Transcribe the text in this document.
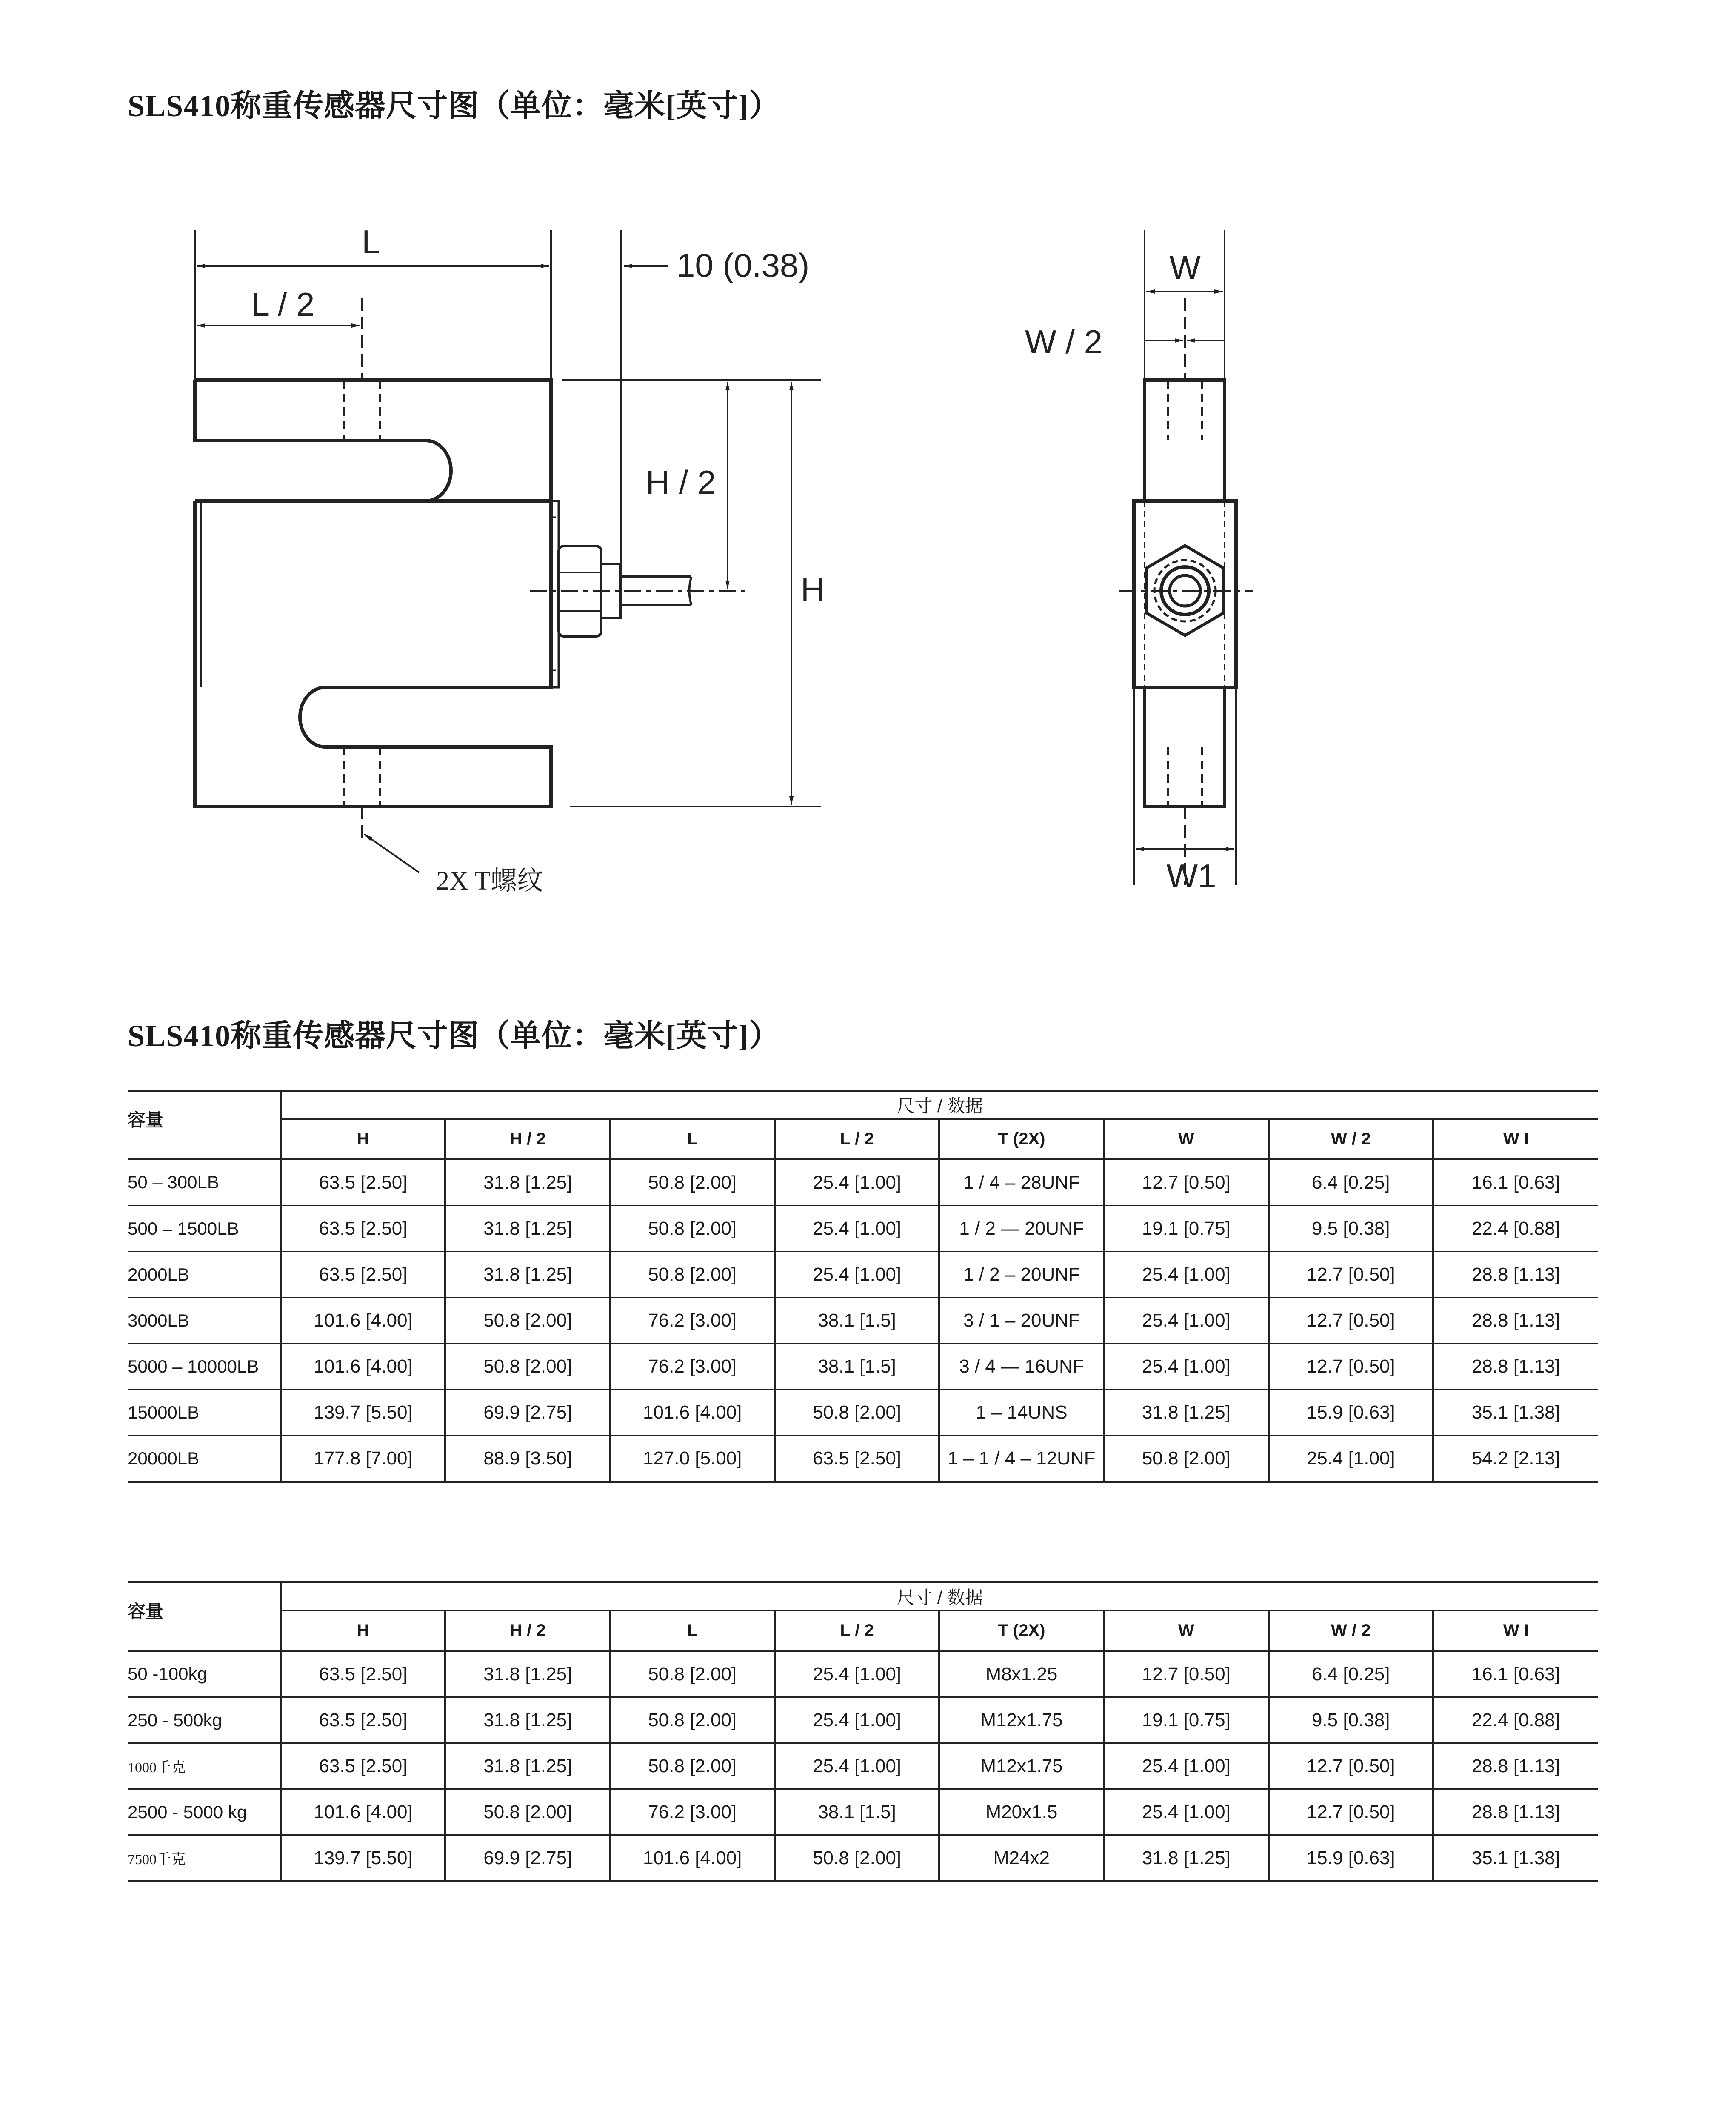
SLS410称重传感器尺寸图（单位：毫米[英寸]）
L
L / 2
10 (0.38)
H / 2
H
2X T螺纹
W
W / 2
W1
SLS410称重传感器尺寸图（单位：毫米[英寸]）
容量	尺寸 / 数据							
	H	H / 2	L	L / 2	T (2X)	W	W / 2	W I
50 – 300LB	63.5 [2.50]	31.8 [1.25]	50.8 [2.00]	25.4 [1.00]	1 / 4 – 28UNF	12.7 [0.50]	6.4 [0.25]	16.1 [0.63]
500 – 1500LB	63.5 [2.50]	31.8 [1.25]	50.8 [2.00]	25.4 [1.00]	1 / 2 — 20UNF	19.1 [0.75]	9.5 [0.38]	22.4 [0.88]
2000LB	63.5 [2.50]	31.8 [1.25]	50.8 [2.00]	25.4 [1.00]	1 / 2 – 20UNF	25.4 [1.00]	12.7 [0.50]	28.8 [1.13]
3000LB	101.6 [4.00]	50.8 [2.00]	76.2 [3.00]	38.1 [1.5]	3 / 1 – 20UNF	25.4 [1.00]	12.7 [0.50]	28.8 [1.13]
5000 – 10000LB	101.6 [4.00]	50.8 [2.00]	76.2 [3.00]	38.1 [1.5]	3 / 4 — 16UNF	25.4 [1.00]	12.7 [0.50]	28.8 [1.13]
15000LB	139.7 [5.50]	69.9 [2.75]	101.6 [4.00]	50.8 [2.00]	1 – 14UNS	31.8 [1.25]	15.9 [0.63]	35.1 [1.38]
20000LB	177.8 [7.00]	88.9 [3.50]	127.0 [5.00]	63.5 [2.50]	1 – 1 / 4 – 12UNF	50.8 [2.00]	25.4 [1.00]	54.2 [2.13]
容量	尺寸 / 数据							
	H	H / 2	L	L / 2	T (2X)	W	W / 2	W I
50 -100kg	63.5 [2.50]	31.8 [1.25]	50.8 [2.00]	25.4 [1.00]	M8x1.25	12.7 [0.50]	6.4 [0.25]	16.1 [0.63]
250 - 500kg	63.5 [2.50]	31.8 [1.25]	50.8 [2.00]	25.4 [1.00]	M12x1.75	19.1 [0.75]	9.5 [0.38]	22.4 [0.88]
1000千克	63.5 [2.50]	31.8 [1.25]	50.8 [2.00]	25.4 [1.00]	M12x1.75	25.4 [1.00]	12.7 [0.50]	28.8 [1.13]
2500 - 5000 kg	101.6 [4.00]	50.8 [2.00]	76.2 [3.00]	38.1 [1.5]	M20x1.5	25.4 [1.00]	12.7 [0.50]	28.8 [1.13]
7500千克	139.7 [5.50]	69.9 [2.75]	101.6 [4.00]	50.8 [2.00]	M24x2	31.8 [1.25]	15.9 [0.63]	35.1 [1.38]
